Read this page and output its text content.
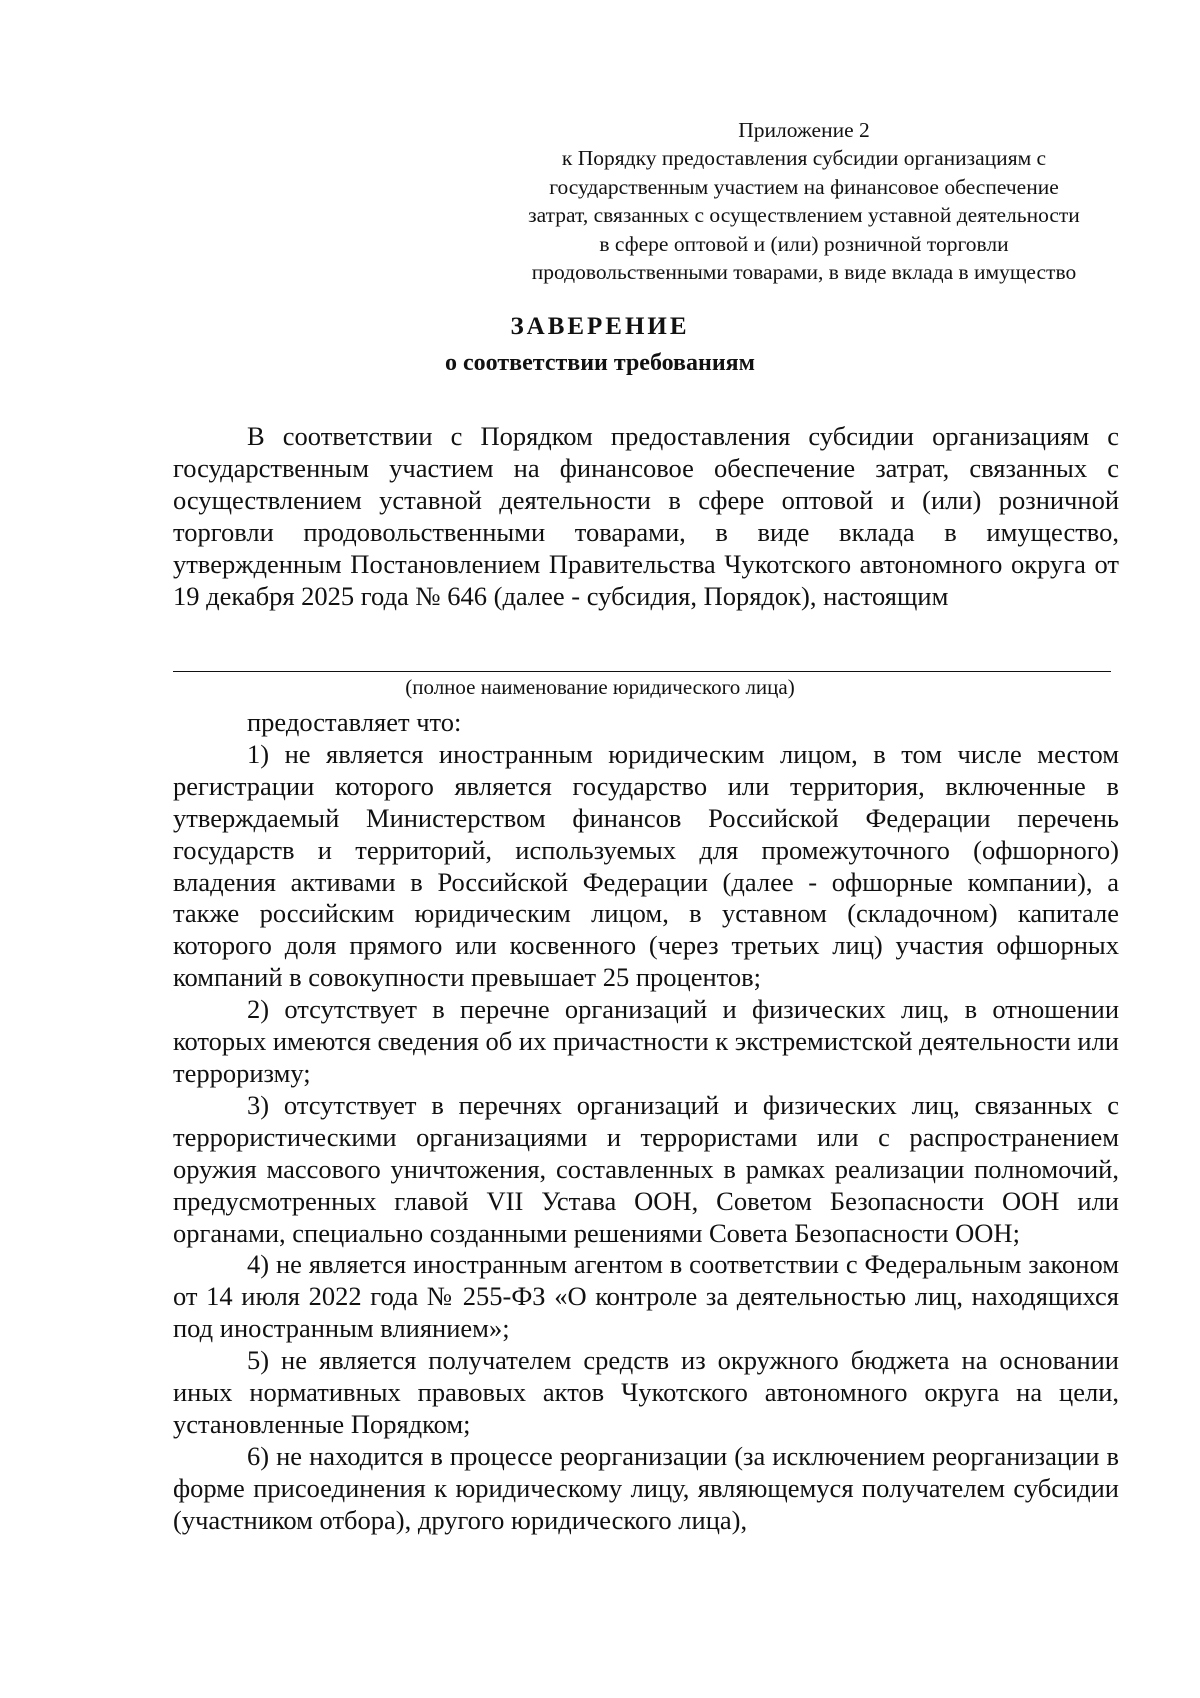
Приложение 2
к Порядку предоставления субсидии организациям с
государственным участием на финансовое обеспечение
затрат, связанных с осуществлением уставной деятельности
в сфере оптовой и (или) розничной торговли
продовольственными товарами, в виде вклада в имущество
ЗАВЕРЕНИЕ
о соответствии требованиям

В соответствии с Порядком предоставления субсидии организациям с государственным участием на финансовое обеспечение затрат, связанных с осуществлением уставной деятельности в сфере оптовой и (или) розничной торговли продовольственными товарами, в виде вклада в имущество, утвержденным Постановлением Правительства Чукотского автономного округа от 19 декабря 2025 года № 646 (далее - субсидия, Порядок), настоящим

(полное наименование юридического лица)

предоставляет что:

1) не является иностранным юридическим лицом, в том числе местом регистрации которого является государство или территория, включенные в утверждаемый Министерством финансов Российской Федерации перечень государств и территорий, используемых для промежуточного (офшорного) владения активами в Российской Федерации (далее - офшорные компании), а также российским юридическим лицом, в уставном (складочном) капитале которого доля прямого или косвенного (через третьих лиц) участия офшорных компаний в совокупности превышает 25 процентов;

2) отсутствует в перечне организаций и физических лиц, в отношении которых имеются сведения об их причастности к экстремистской деятельности или терроризму;

3) отсутствует в перечнях организаций и физических лиц, связанных с террористическими организациями и террористами или с распространением оружия массового уничтожения, составленных в рамках реализации полномочий, предусмотренных главой VII Устава ООН, Советом Безопасности ООН или органами, специально созданными решениями Совета Безопасности ООН;

4) не является иностранным агентом в соответствии с Федеральным законом от 14 июля 2022 года № 255-ФЗ «О контроле за деятельностью лиц, находящихся под иностранным влиянием»;

5) не является получателем средств из окружного бюджета на основании иных нормативных правовых актов Чукотского автономного округа на цели, установленные Порядком;

6) не находится в процессе реорганизации (за исключением реорганизации в форме присоединения к юридическому лицу, являющемуся получателем субсидии (участником отбора), другого юридического лица),
